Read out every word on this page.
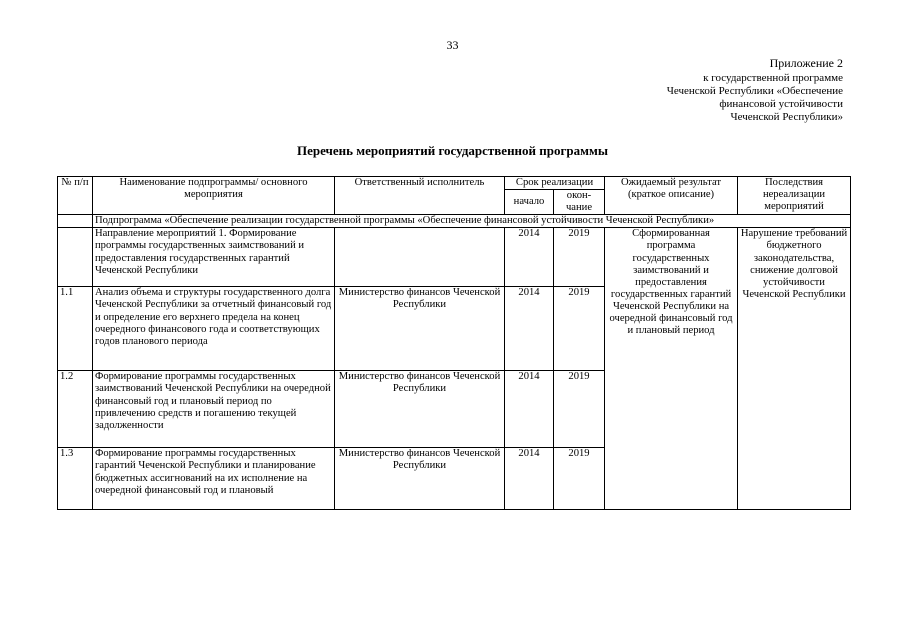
33
Приложение 2
к государственной программе
Чеченской Республики «Обеспечение
финансовой устойчивости
Чеченской Республики»
Перечень мероприятий государственной программы
№ п/п	Наименование подпрограммы/ основного мероприятия	Ответственный исполнитель	Срок реализации		Ожидаемый результат (краткое описание)	Последствия нереализации мероприятий
			начало	окон- чание		
	Подпрограмма «Обеспечение реализации государственной программы «Обеспечение финансовой устойчивости Чеченской Республики»					
	Направление мероприятий 1. Формирование программы государственных заимствований и предоставления государственных гарантий Чеченской Республики		2014	2019	Сформированная программа государственных заимствований и предоставления государственных гарантий Чеченской Республики на очередной финансовый год и плановый период	Нарушение требований бюджетного законодательства, снижение долговой устойчивости Чеченской Республики
1.1	Анализ объема и структуры государственного долга Чеченской Республики за отчетный финансовый год и определение его верхнего предела на конец очередного финансового года и соответствующих годов планового периода	Министерство финансов Чеченской Республики	2014	2019		
1.2	Формирование программы государственных заимствований Чеченской Республики на очередной финансовый год и плановый период по привлечению средств и погашению текущей задолженности	Министерство финансов Чеченской Республики	2014	2019		
1.3	Формирование программы государственных гарантий Чеченской Республики и планирование бюджетных ассигнований на их исполнение на очередной финансовый год и плановый	Министерство финансов Чеченской Республики	2014	2019		
